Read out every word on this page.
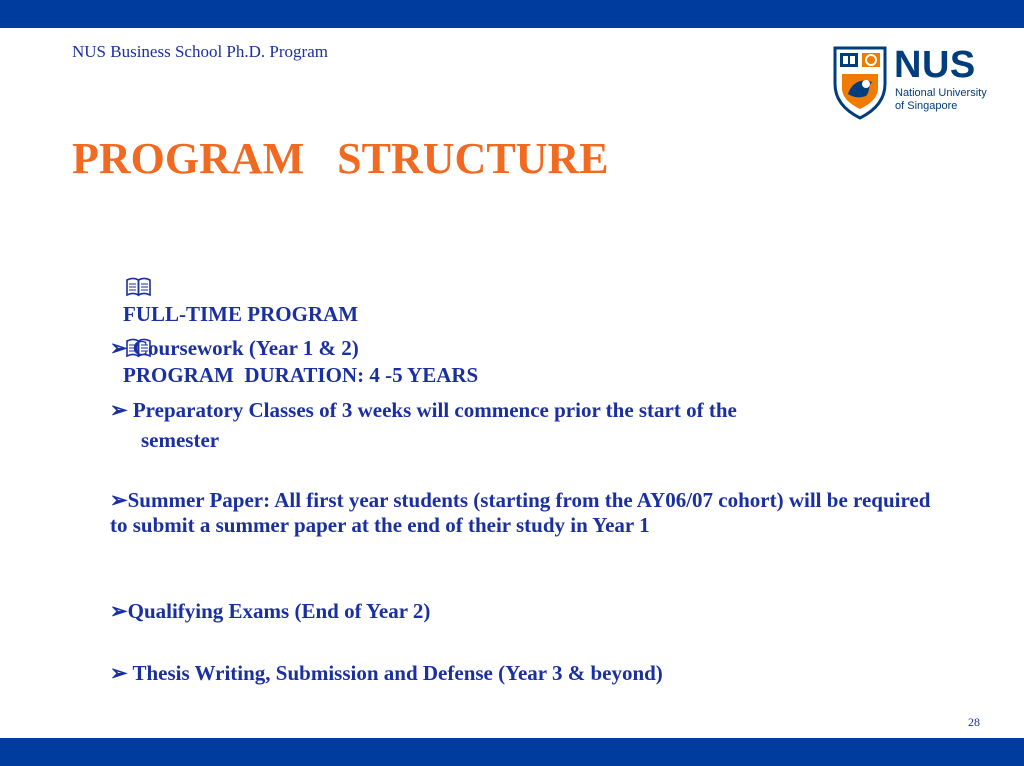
NUS Business School Ph.D. Program	NUS
National University
of Singapore
PROGRAM   STRUCTURE

FULL-TIME PROGRAM

PROGRAM  DURATION: 4 -5 YEARS

➢ Coursework (Year 1 & 2)
➢ Preparatory Classes of 3 weeks will commence prior the start of the
semester
➢Summer Paper: All first year students (starting from the AY06/07 cohort) will be required to submit a summer paper at the end of their study in Year 1
➢Qualifying Exams (End of Year 2)
➢ Thesis Writing, Submission and Defense (Year 3 & beyond)
28
